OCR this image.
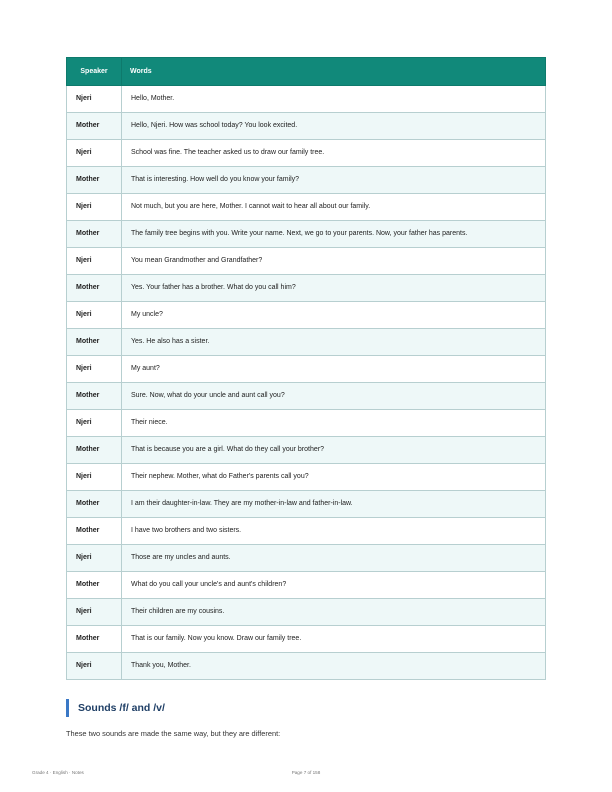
Speaker	Words
Njeri	Hello, Mother.
Mother	Hello, Njeri. How was school today? You look excited.
Njeri	School was fine. The teacher asked us to draw our family tree.
Mother	That is interesting. How well do you know your family?
Njeri	Not much, but you are here, Mother. I cannot wait to hear all about our family.
Mother	The family tree begins with you. Write your name. Next, we go to your parents. Now, your father has parents.
Njeri	You mean Grandmother and Grandfather?
Mother	Yes. Your father has a brother. What do you call him?
Njeri	My uncle?
Mother	Yes. He also has a sister.
Njeri	My aunt?
Mother	Sure. Now, what do your uncle and aunt call you?
Njeri	Their niece.
Mother	That is because you are a girl. What do they call your brother?
Njeri	Their nephew. Mother, what do Father's parents call you?
Mother	I am their daughter-in-law. They are my mother-in-law and father-in-law.
Mother	I have two brothers and two sisters.
Njeri	Those are my uncles and aunts.
Mother	What do you call your uncle's and aunt's children?
Njeri	Their children are my cousins.
Mother	That is our family. Now you know. Draw our family tree.
Njeri	Thank you, Mother.
Sounds /f/ and /v/
These two sounds are made the same way, but they are different:
Grade 4 · English · Notes	Page 7 of 158
